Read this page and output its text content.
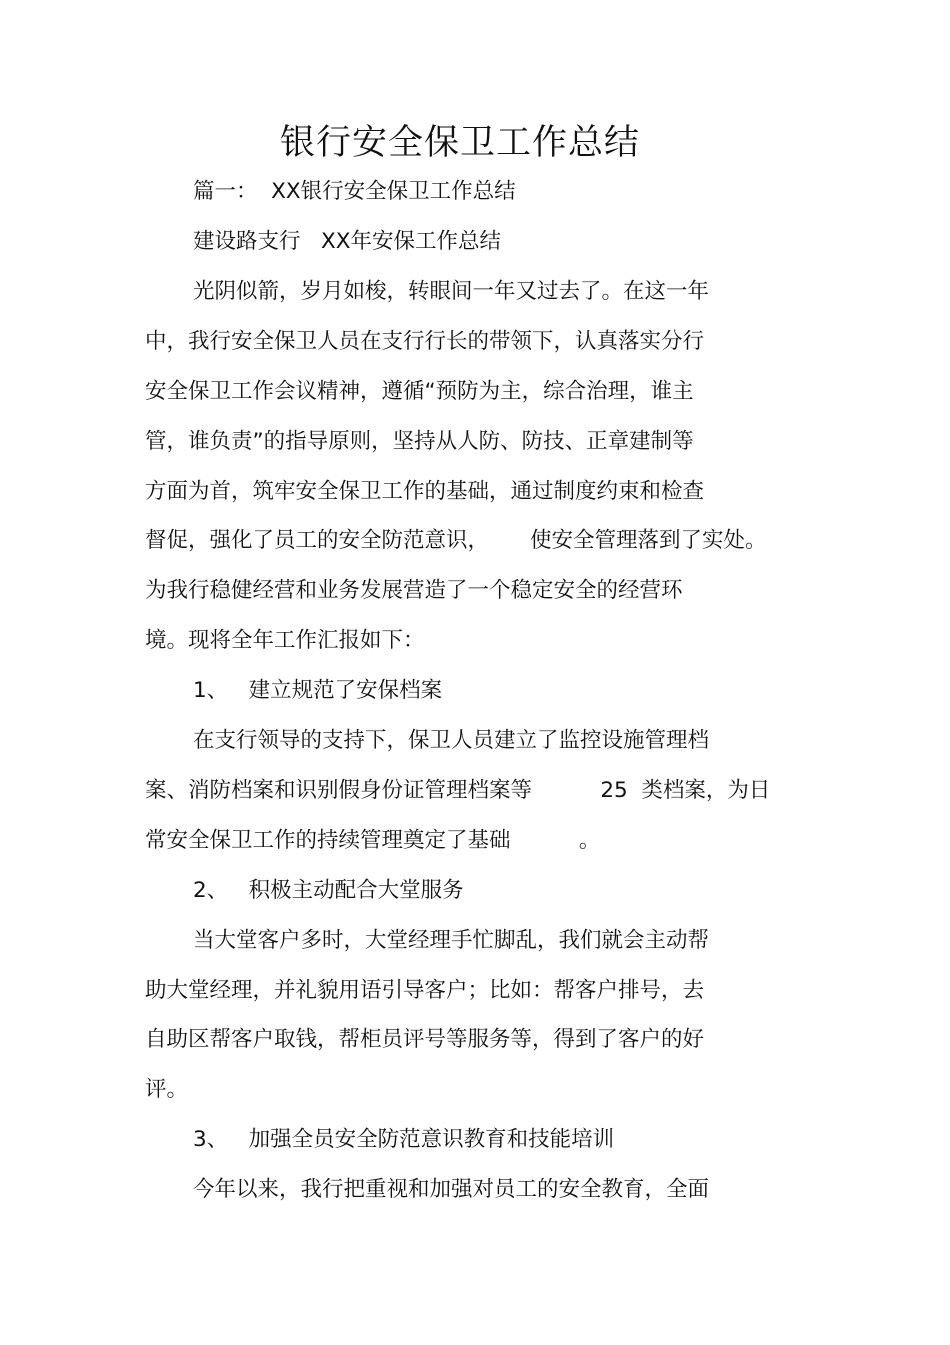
银行安全保卫工作总结
篇一：  XX银行安全保卫工作总结
建设路支行   XX年安保工作总结
光阴似箭，岁月如梭，转眼间一年又过去了。在这一年
中，我行安全保卫人员在支行行长的带领下，认真落实分行
安全保卫工作会议精神，遵循“预防为主，综合治理，谁主
管，谁负责”的指导原则，坚持从人防、防技、正章建制等
方面为首，筑牢安全保卫工作的基础，通过制度约束和检查
督促，强化了员工的安全防范意识，      使安全管理落到了实处。
为我行稳健经营和业务发展营造了一个稳定安全的经营环
境。现将全年工作汇报如下：
1、   建立规范了安保档案
在支行领导的支持下，保卫人员建立了监控设施管理档
案、消防档案和识别假身份证管理档案等          25  类档案，为日
常安全保卫工作的持续管理奠定了基础          。
2、   积极主动配合大堂服务
当大堂客户多时，大堂经理手忙脚乱，我们就会主动帮
助大堂经理，并礼貌用语引导客户；比如：帮客户排号，去
自助区帮客户取钱，帮柜员评号等服务等，得到了客户的好
评。
3、   加强全员安全防范意识教育和技能培训
今年以来，我行把重视和加强对员工的安全教育，全面
